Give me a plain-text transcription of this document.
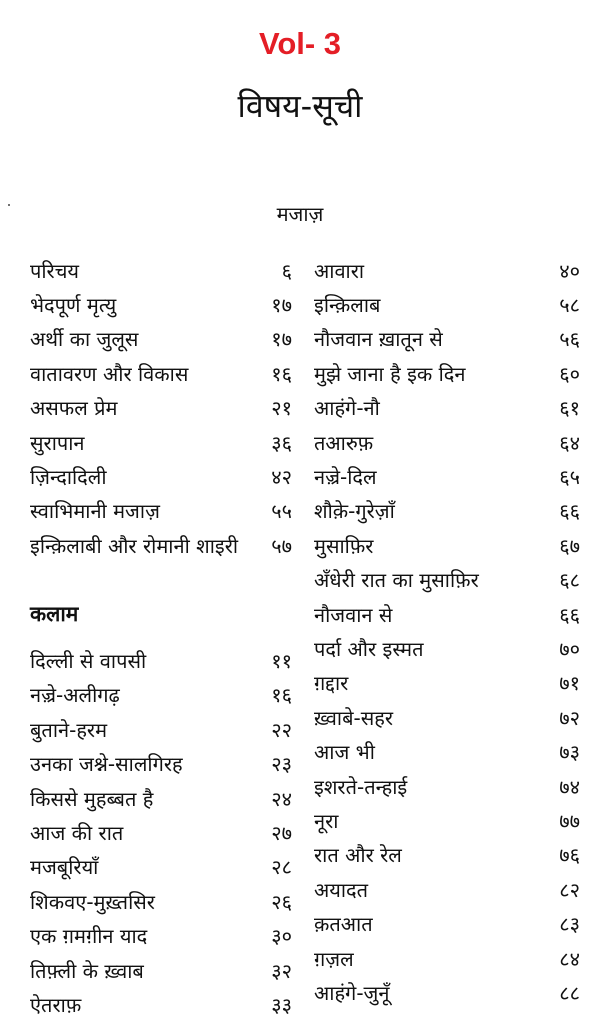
Vol- 3
विषय-सूची
मजाज़
परिचय	६
भेदपूर्ण मृत्यु	१७
अर्थी का जुलूस	१७
वातावरण और विकास	१६
असफल प्रेम	२१
सुरापान	३६
ज़िन्दादिली	४२
स्वाभिमानी मजाज़	५५
इन्क़िलाबी और रोमानी शाइरी ५७
कलाम
दिल्ली से वापसी	११
नज़्रे-अलीगढ़	१६
बुताने-हरम	२२
उनका जश्ने-सालगिरह	२३
किससे मुहब्बत है	२४
आज की रात	२७
मजबूरियाँ	२८
शिकवए-मुख़्तसिर	२६
एक ग़मग़ीन याद	३०
तिफ़्ली के ख़्वाब	३२
ऐतराफ़	३३
आवारा	४०
इन्क़िलाब	५८
नौजवान ख़ातून से	५६
मुझे जाना है इक दिन	६०
आहंगे-नौ	६१
तआरुफ़	६४
नज़्रे-दिल	६५
शौक़े-गुरेज़ाँ	६६
मुसाफ़िर	६७
अँधेरी रात का मुसाफ़िर	६८
नौजवान से	६६
पर्दा और इस्मत	७०
ग़द्दार	७१
ख़्वाबे-सहर	७२
आज भी	७३
इशरते-तन्हाई	७४
नूरा	७७
रात और रेल	७६
अयादत	८२
क़तआत	८३
ग़ज़ल	८४
आहंगे-जुनूँ	८८
